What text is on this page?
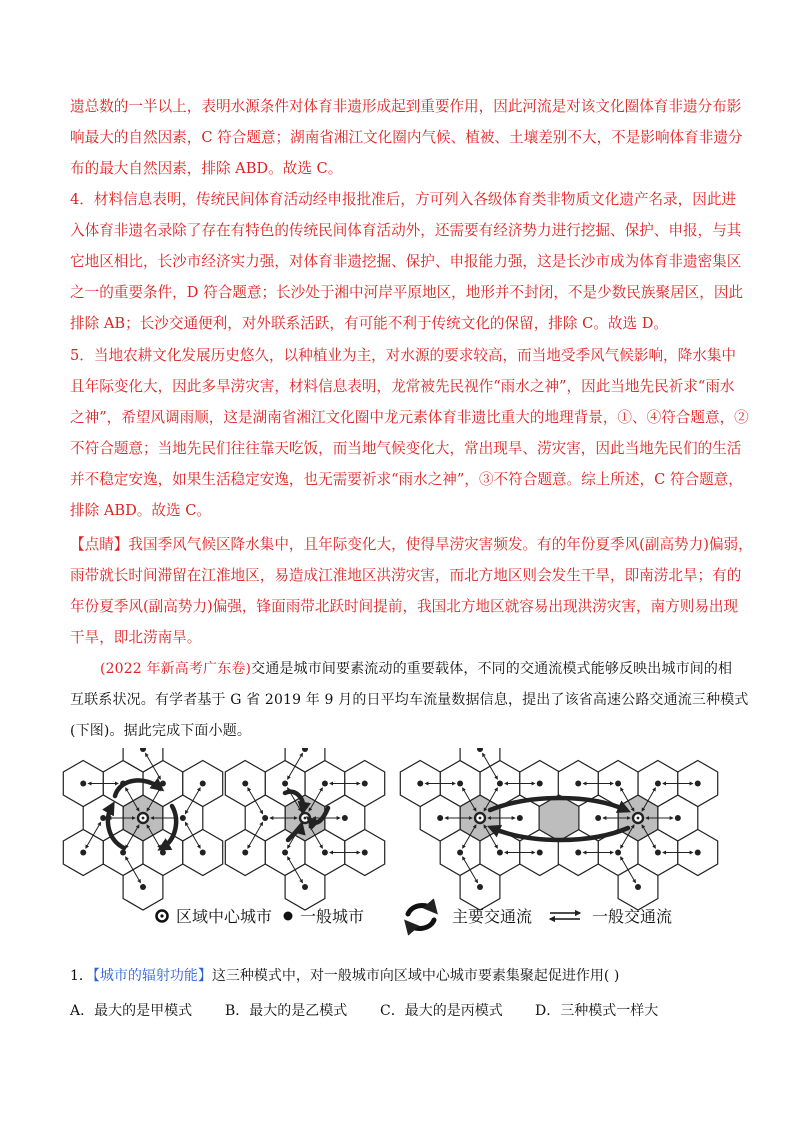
遗总数的一半以上，表明水源条件对体育非遗形成起到重要作用，因此河流是对该文化圈体育非遗分布影
响最大的自然因素，C 符合题意；湖南省湘江文化圈内气候、植被、土壤差别不大，不是影响体育非遗分
布的最大自然因素，排除 ABD。故选 C。
4．材料信息表明，传统民间体育活动经申报批准后，方可列入各级体育类非物质文化遗产名录，因此进
入体育非遗名录除了存在有特色的传统民间体育活动外，还需要有经济势力进行挖掘、保护、申报，与其
它地区相比，长沙市经济实力强，对体育非遗挖掘、保护、申报能力强，这是长沙市成为体育非遗密集区
之一的重要条件，D 符合题意；长沙处于湘中河岸平原地区，地形并不封闭，不是少数民族聚居区，因此
排除 AB；长沙交通便利，对外联系活跃，有可能不利于传统文化的保留，排除 C。故选 D。
5．当地农耕文化发展历史悠久，以种植业为主，对水源的要求较高，而当地受季风气候影响，降水集中
且年际变化大，因此多旱涝灾害，材料信息表明，龙常被先民视作“雨水之神”，因此当地先民祈求“雨水
之神”，希望风调雨顺，这是湖南省湘江文化圈中龙元素体育非遗比重大的地理背景，①、④符合题意，②
不符合题意；当地先民们往往靠天吃饭，而当地气候变化大，常出现旱、涝灾害，因此当地先民们的生活
并不稳定安逸，如果生活稳定安逸，也无需要祈求“雨水之神”，③不符合题意。综上所述，C 符合题意，
排除 ABD。故选 C。
【点睛】我国季风气候区降水集中，且年际变化大，使得旱涝灾害频发。有的年份夏季风(副高势力)偏弱，
雨带就长时间滞留在江淮地区，易造成江淮地区洪涝灾害，而北方地区则会发生干旱，即南涝北旱；有的
年份夏季风(副高势力)偏强，锋面雨带北跃时间提前，我国北方地区就容易出现洪涝灾害，南方则易出现
干旱，即北涝南旱。
(2022 年新高考广东卷)交通是城市间要素流动的重要载体，不同的交通流模式能够反映出城市间的相
互联系状况。有学者基于 G 省 2019 年 9 月的日平均车流量数据信息，提出了该省高速公路交通流三种模式
(下图)。据此完成下面小题。
区域中心城市 一般城市	主要交通流	一般交通流
1．【城市的辐射功能】这三种模式中，对一般城市向区域中心城市要素集聚起促进作用( )
A．最大的是甲模式	B．最大的是乙模式	C．最大的是丙模式	D．三种模式一样大
